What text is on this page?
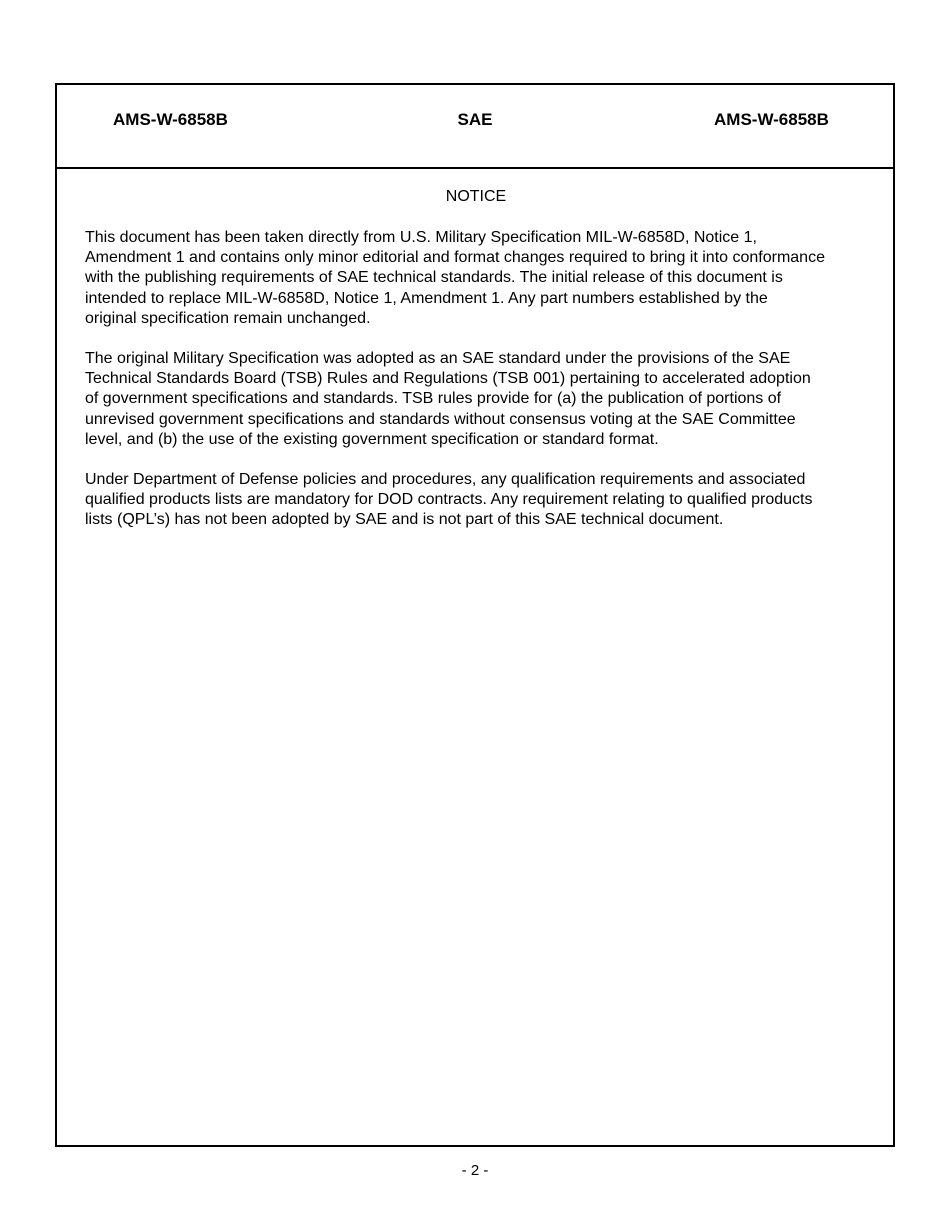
AMS-W-6858B	SAE	AMS-W-6858B
NOTICE

This document has been taken directly from U.S. Military Specification MIL-W-6858D, Notice 1,
Amendment 1 and contains only minor editorial and format changes required to bring it into conformance
with the publishing requirements of SAE technical standards. The initial release of this document is
intended to replace MIL-W-6858D, Notice 1, Amendment 1. Any part numbers established by the
original specification remain unchanged.

The original Military Specification was adopted as an SAE standard under the provisions of the SAE
Technical Standards Board (TSB) Rules and Regulations (TSB 001) pertaining to accelerated adoption
of government specifications and standards. TSB rules provide for (a) the publication of portions of
unrevised government specifications and standards without consensus voting at the SAE Committee
level, and (b) the use of the existing government specification or standard format.

Under Department of Defense policies and procedures, any qualification requirements and associated
qualified products lists are mandatory for DOD contracts. Any requirement relating to qualified products
lists (QPL’s) has not been adopted by SAE and is not part of this SAE technical document.

- 2 -
